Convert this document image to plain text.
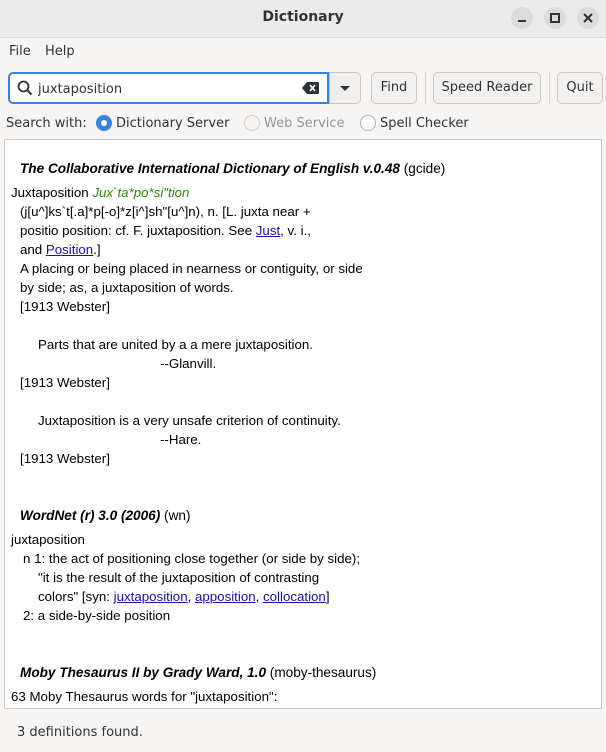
Dictionary
File Help
juxtaposition
Find	Speed Reader	Quit
Search with: Dictionary Server	Web Service	Spell Checker
The Collaborative International Dictionary of English v.0.48 (gcide)
Juxtaposition Jux`ta*po*si"tion
(j[u^]ks`t[.a]*p[-o]*z[i^]sh"[u^]n), n. [L. juxta near +
positio position: cf. F. juxtaposition. See Just, v. i.,
and Position.]
A placing or being placed in nearness or contiguity, or side
by side; as, a juxtaposition of words.
[1913 Webster]
Parts that are united by a a mere juxtaposition.
--Glanvill.
[1913 Webster]
Juxtaposition is a very unsafe criterion of continuity.
--Hare.
[1913 Webster]
WordNet (r) 3.0 (2006) (wn)
juxtaposition
n 1: the act of positioning close together (or side by side);
"it is the result of the juxtaposition of contrasting
colors" [syn: juxtaposition, apposition, collocation]
2: a side-by-side position
Moby Thesaurus II by Grady Ward, 1.0 (moby-thesaurus)
63 Moby Thesaurus words for "juxtaposition":
3 definitions found.
